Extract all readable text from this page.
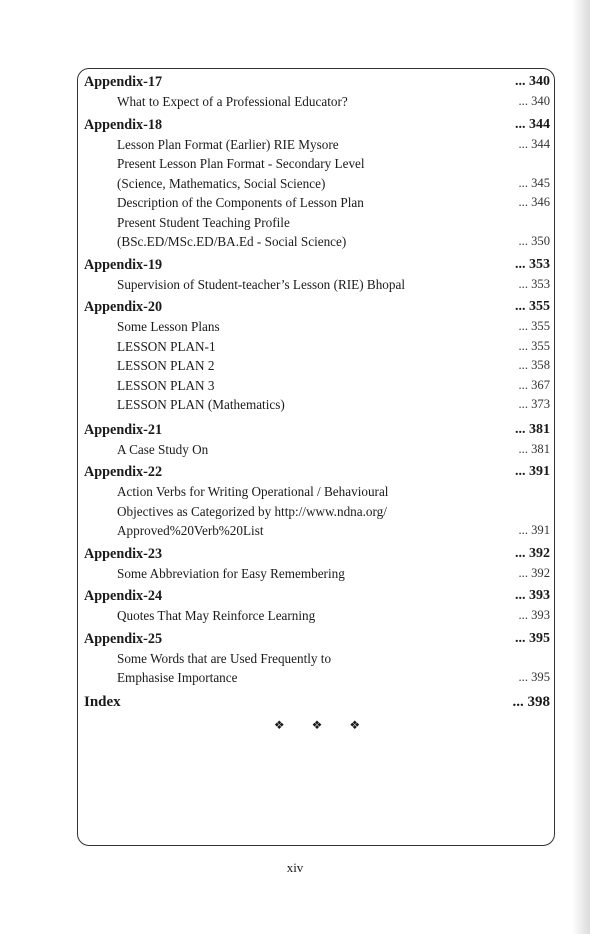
Appendix-17	... 340
What to Expect of a Professional Educator?	... 340
Appendix-18	... 344
Lesson Plan Format (Earlier) RIE Mysore	... 344
Present Lesson Plan Format - Secondary Level
(Science, Mathematics, Social Science)	... 345
Description of the Components of Lesson Plan	... 346
Present Student Teaching Profile
(BSc.ED/MSc.ED/BA.Ed - Social Science)	... 350
Appendix-19	... 353
Supervision of Student-teacher’s Lesson (RIE) Bhopal	... 353
Appendix-20	... 355
Some Lesson Plans	... 355
LESSON PLAN-1	... 355
LESSON PLAN 2	... 358
LESSON PLAN 3	... 367
LESSON PLAN (Mathematics)	... 373
Appendix-21	... 381
A Case Study On	... 381
Appendix-22	... 391
Action Verbs for Writing Operational / Behavioural
Objectives as Categorized by http://www.ndna.org/
Approved%20Verb%20List	... 391
Appendix-23	... 392
Some Abbreviation for Easy Remembering	... 392
Appendix-24	... 393
Quotes That May Reinforce Learning	... 393
Appendix-25	... 395
Some Words that are Used Frequently to
Emphasise Importance	... 395
Index	... 398
❖ ❖ ❖
xiv
